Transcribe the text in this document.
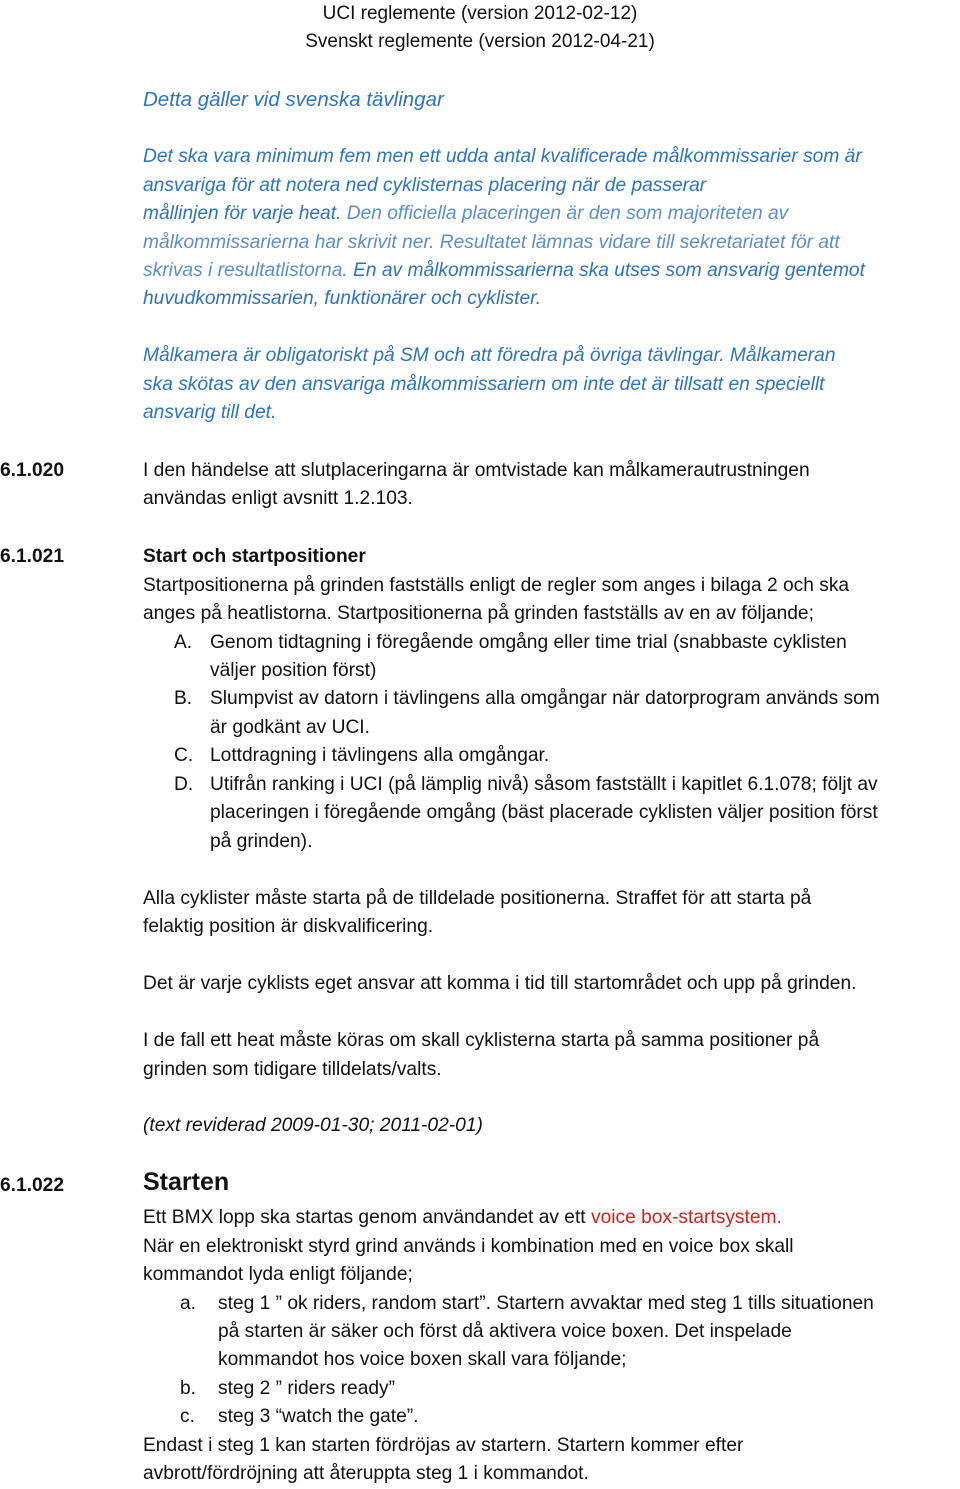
UCI reglemente (version 2012-02-12)
Svenskt reglemente (version 2012-04-21)
Detta gäller vid svenska tävlingar
Det ska vara minimum fem men ett udda antal kvalificerade målkommissarier som är
ansvariga för att notera ned cyklisternas placering när de passerar
mållinjen för varje heat. Den officiella placeringen är den som majoriteten av
målkommissarierna har skrivit ner. Resultatet lämnas vidare till sekretariatet för att
skrivas i resultatlistorna. En av målkommissarierna ska utses som ansvarig gentemot
huvudkommissarien, funktionärer och cyklister.
Målkamera är obligatoriskt på SM och att föredra på övriga tävlingar. Målkameran
ska skötas av den ansvariga målkommissariern om inte det är tillsatt en speciellt
ansvarig till det.
6.1.020	I den händelse att slutplaceringarna är omtvistade kan målkamerautrustningen
användas enligt avsnitt 1.2.103.
6.1.021	Start och startpositioner
Startpositionerna på grinden fastställs enligt de regler som anges i bilaga 2 och ska
anges på heatlistorna. Startpositionerna på grinden fastställs av en av följande;
A. Genom tidtagning i föregående omgång eller time trial (snabbaste cyklisten
väljer position först)
B. Slumpvist av datorn i tävlingens alla omgångar när datorprogram används som
är godkänt av UCI.
C. Lottdragning i tävlingens alla omgångar.
D. Utifrån ranking i UCI (på lämplig nivå) såsom fastställt i kapitlet 6.1.078; följt av
placeringen i föregående omgång (bäst placerade cyklisten väljer position först
på grinden).
Alla cyklister måste starta på de tilldelade positionerna. Straffet för att starta på
felaktig position är diskvalificering.
Det är varje cyklists eget ansvar att komma i tid till startområdet och upp på grinden.
I de fall ett heat måste köras om skall cyklisterna starta på samma positioner på
grinden som tidigare tilldelats/valts.
(text reviderad 2009-01-30; 2011-02-01)
6.1.022	Starten
Ett BMX lopp ska startas genom användandet av ett voice box-startsystem.
När en elektroniskt styrd grind används i kombination med en voice box skall
kommandot lyda enligt följande;
a. steg 1 ” ok riders, random start”. Startern avvaktar med steg 1 tills situationen
på starten är säker och först då aktivera voice boxen. Det inspelade
kommandot hos voice boxen skall vara följande;
b. steg 2 ” riders ready”
c. steg 3 “watch the gate”.
Endast i steg 1 kan starten fördröjas av startern. Startern kommer efter
avbrott/fördröjning att återuppta steg 1 i kommandot.
